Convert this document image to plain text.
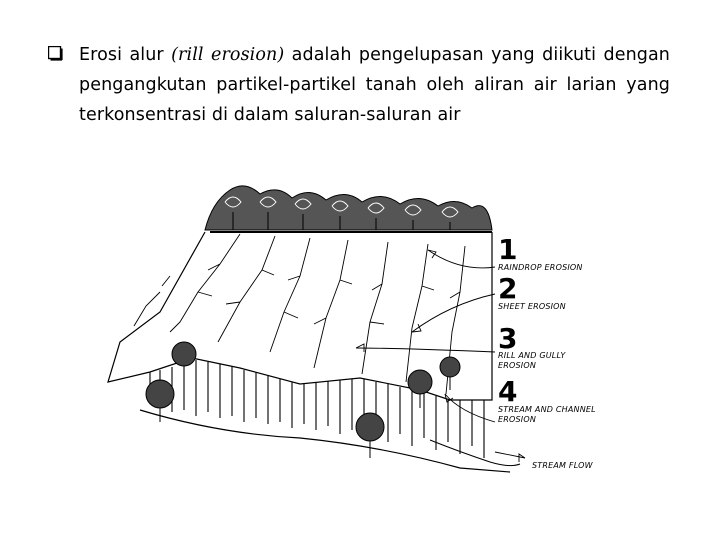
Erosi alur (rill erosion) adalah pengelupasan yang diikuti dengan pengangkutan partikel-partikel tanah oleh aliran air larian yang terkonsentrasi di dalam saluran-saluran air
1
RAINDROP EROSION
2
SHEET EROSION
3
RILL AND GULLY
EROSION
4
STREAM AND CHANNEL
EROSION
STREAM FLOW
